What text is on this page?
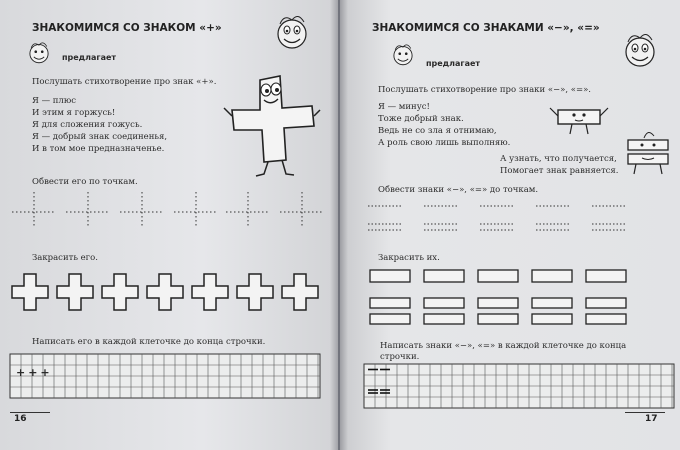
ЗНАКОМИМСЯ СО ЗНАКОМ «+»
предлагает
Послушать стихотворение про знак «+».
Я — плюс
И этим я горжусь!
Я для сложения гожусь.
Я — добрый знак соединенья,
И в том мое предназначенье.
Обвести его по точкам.
Закрасить его.
Написать его в каждой клеточке до конца строчки.
+++
16
ЗНАКОМИМСЯ СО ЗНАКАМИ «−», «=»
предлагает
Послушать стихотворение про знаки «−», «=».
Я — минус!
Тоже добрый знак.
Ведь не со зла я отнимаю,
А роль свою лишь выполняю.
А узнать, что получается,
Помогает знак равняется.
Обвести знаки «−», «=» до точкам.
Закрасить их.
Написать знаки «−», «=» в каждой клеточке до конца
строчки.
17
